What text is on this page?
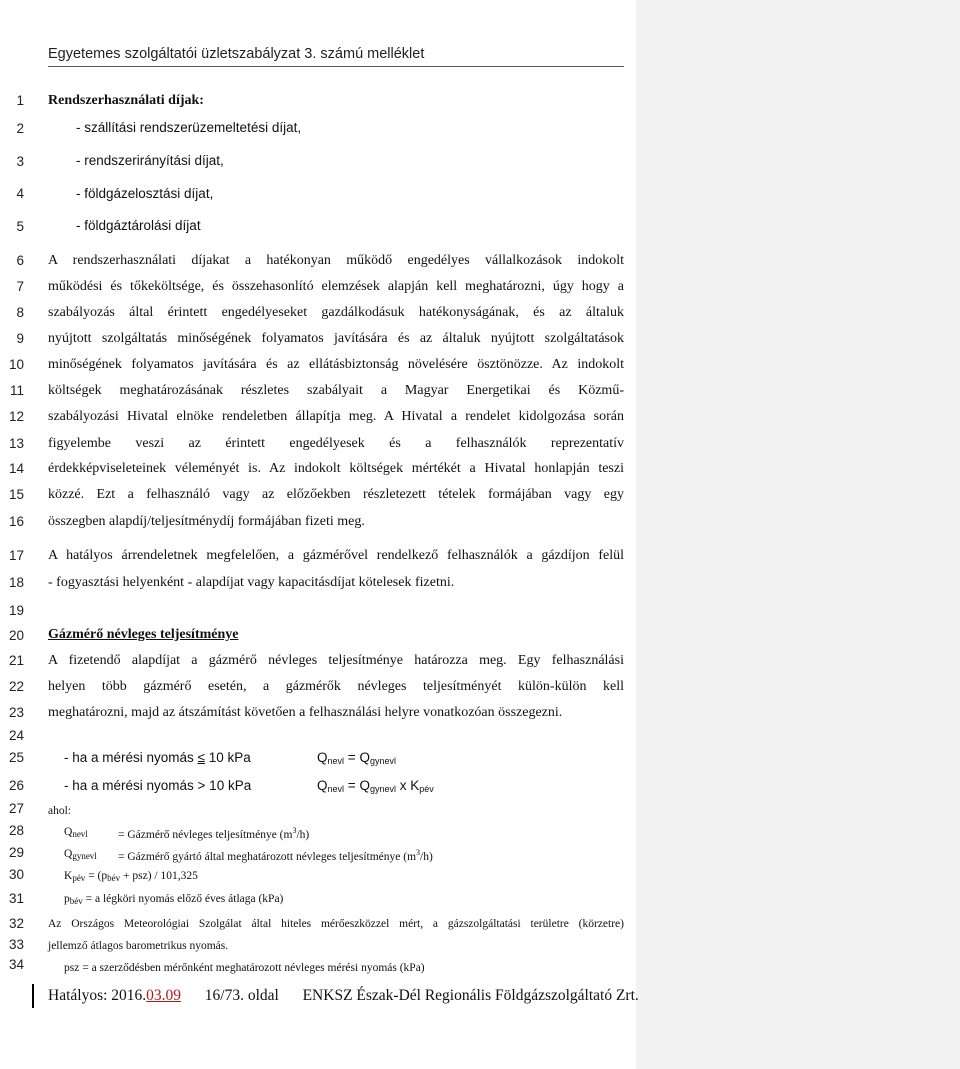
Egyetemes szolgáltatói üzletszabályzat 3. számú melléklet
1
2
3
4
5
6
7
8
9
10
11
12
13
14
15
16
17
18
19
20
21
22
23
24
25
26
27
28
29
30
31
32
33
34
Rendszerhasználati díjak:
- szállítási rendszerüzemeltetési díjat,
- rendszerirányítási díjat,
- földgázelosztási díjat,
- földgáztárolási díjat
A rendszerhasználati díjakat a hatékonyan működő engedélyes vállalkozások indokolt
működési és tőkeköltsége, és összehasonlító elemzések alapján kell meghatározni, úgy hogy a
szabályozás által érintett engedélyeseket gazdálkodásuk hatékonyságának, és az általuk
nyújtott szolgáltatás minőségének folyamatos javítására és az általuk nyújtott szolgáltatások
minőségének folyamatos javítására és az ellátásbiztonság növelésére ösztönözze. Az indokolt
költségek meghatározásának részletes szabályait a Magyar Energetikai és Közmű-
szabályozási Hivatal elnöke rendeletben állapítja meg. A Hivatal a rendelet kidolgozása során
figyelembe veszi az érintett engedélyesek és a felhasználók reprezentatív
érdekképviseleteinek véleményét is. Az indokolt költségek mértékét a Hivatal honlapján teszi
közzé. Ezt a felhasználó vagy az előzőekben részletezett tételek formájában vagy egy
összegben alapdíj/teljesítménydíj formájában fizeti meg.
A hatályos árrendeletnek megfelelően, a gázmérővel rendelkező felhasználók a gázdíjon felül
- fogyasztási helyenként - alapdíjat vagy kapacitásdíjat kötelesek fizetni.
Gázmérő névleges teljesítménye
A fizetendő alapdíjat a gázmérő névleges teljesítménye határozza meg. Egy felhasználási
helyen több gázmérő esetén, a gázmérők névleges teljesítményét külön-külön kell
meghatározni, majd az átszámítást követően a felhasználási helyre vonatkozóan összegezni.
- ha a mérési nyomás ≤ 10 kPa	$Q_{nevl} = Q_{gynevl}$
- ha a mérési nyomás > 10 kPa	$Q_{nevl} = Q_{gynevl}$ x $K_{pév}$
ahol:
$Q_{nevl}$	= Gázmérő névleges teljesítménye $(m^3/h)$
$Q_{gynevl}$ = Gázmérő gyártó által meghatározott névleges teljesítménye $(m^3/h)$
$K_{pév} = (p_{bév} + psz) / 101,325$
$p_{bév} = a$ légköri nyomás előző éves átlaga (kPa)
Az Országos Meteorológiai Szolgálat által hiteles mérőeszközzel mért, a gázszolgáltatási területre (körzetre)
jellemző átlagos barometrikus nyomás.
psz = a szerződésben mérőnként meghatározott névleges mérési nyomás (kPa)
Hatályos: 2016.03.09 16/73. oldal ENKSZ Észak-Dél Regionális Földgázszolgáltató Zrt.
